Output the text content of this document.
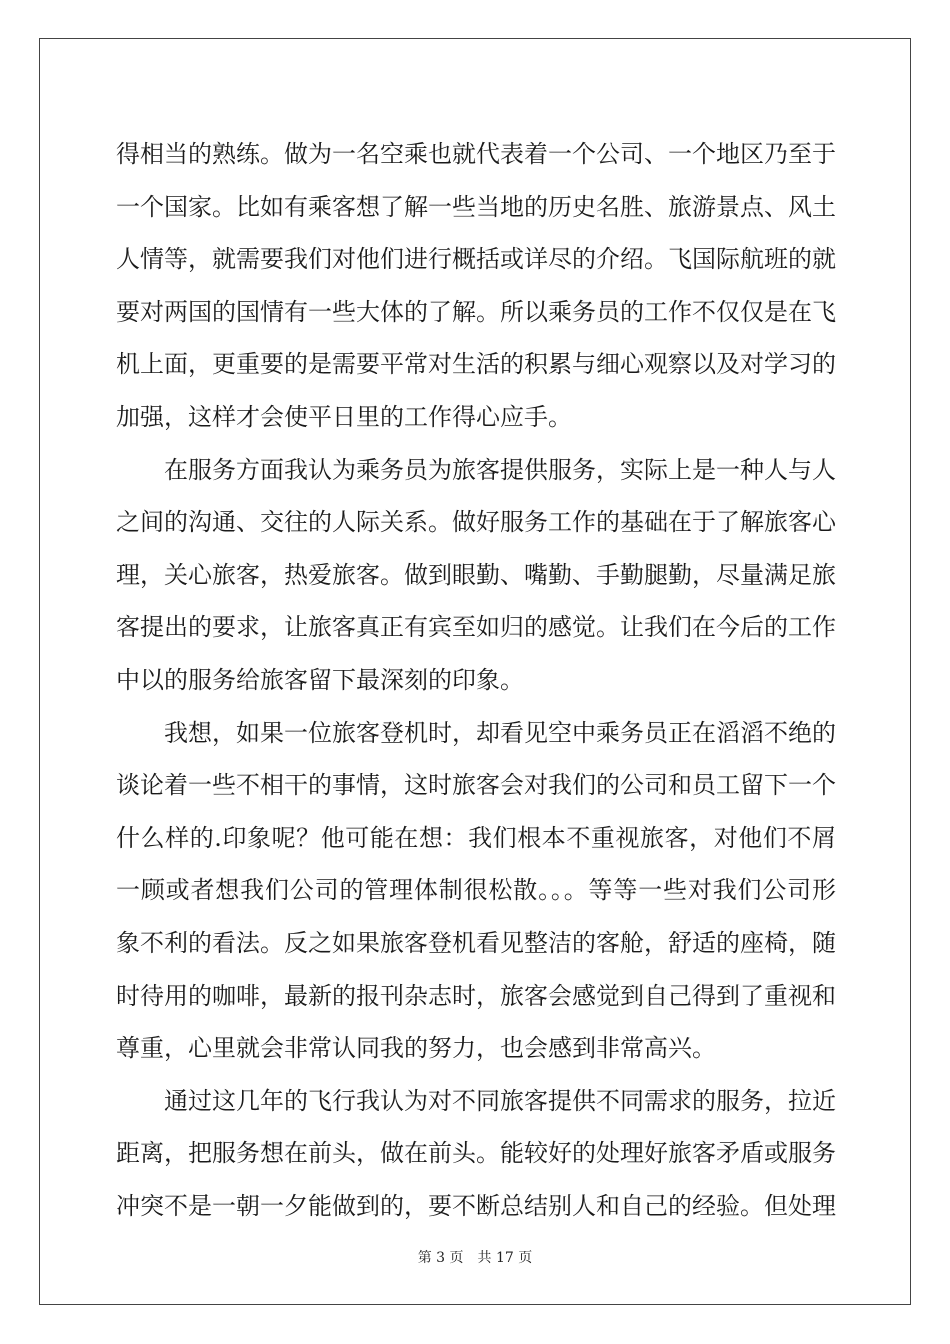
得相当的熟练。做为一名空乘也就代表着一个公司、一个地区乃至于
一个国家。比如有乘客想了解一些当地的历史名胜、旅游景点、风土
人情等，就需要我们对他们进行概括或详尽的介绍。飞国际航班的就
要对两国的国情有一些大体的了解。所以乘务员的工作不仅仅是在飞
机上面，更重要的是需要平常对生活的积累与细心观察以及对学习的
加强，这样才会使平日里的工作得心应手。
　　在服务方面我认为乘务员为旅客提供服务，实际上是一种人与人
之间的沟通、交往的人际关系。做好服务工作的基础在于了解旅客心
理，关心旅客，热爱旅客。做到眼勤、嘴勤、手勤腿勤，尽量满足旅
客提出的要求，让旅客真正有宾至如归的感觉。让我们在今后的工作
中以的服务给旅客留下最深刻的印象。
　　我想，如果一位旅客登机时，却看见空中乘务员正在滔滔不绝的
谈论着一些不相干的事情，这时旅客会对我们的公司和员工留下一个
什么样的.印象呢？他可能在想：我们根本不重视旅客，对他们不屑
一顾或者想我们公司的管理体制很松散。。。等等一些对我们公司形
象不利的看法。反之如果旅客登机看见整洁的客舱，舒适的座椅，随
时待用的咖啡，最新的报刊杂志时，旅客会感觉到自己得到了重视和
尊重，心里就会非常认同我的努力，也会感到非常高兴。
　　通过这几年的飞行我认为对不同旅客提供不同需求的服务，拉近
距离，把服务想在前头，做在前头。能较好的处理好旅客矛盾或服务
冲突不是一朝一夕能做到的，要不断总结别人和自己的经验。但处理
第 3 页　共 17 页
